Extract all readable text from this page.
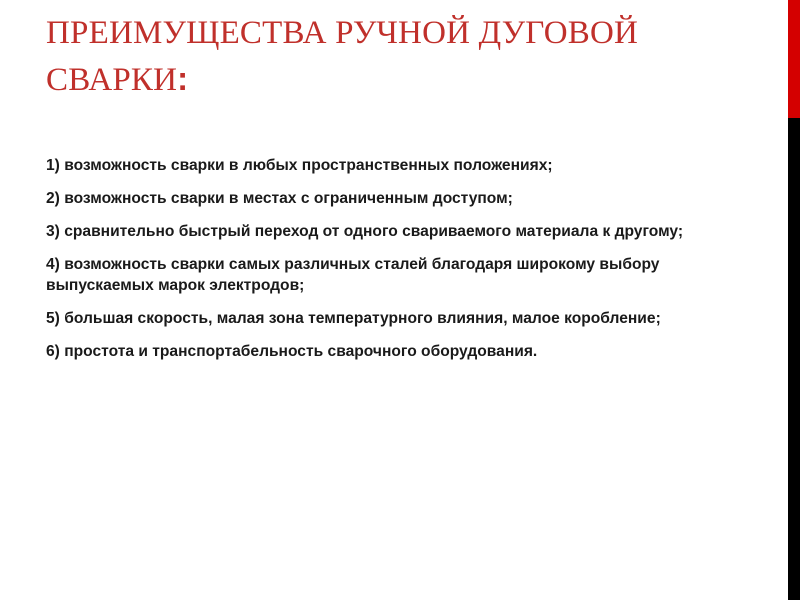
ПРЕИМУЩЕСТВА РУЧНОЙ ДУГОВОЙ СВАРКИ:
1) возможность сварки в любых пространственных положениях;
2) возможность сварки в местах с ограниченным доступом;
3) сравнительно быстрый переход от одного свариваемого материала к другому;
4) возможность сварки самых различных сталей благодаря широкому выбору выпускаемых марок электродов;
5) большая скорость, малая зона температурного влияния, малое коробление;
6) простота и транспортабельность сварочного оборудования.
